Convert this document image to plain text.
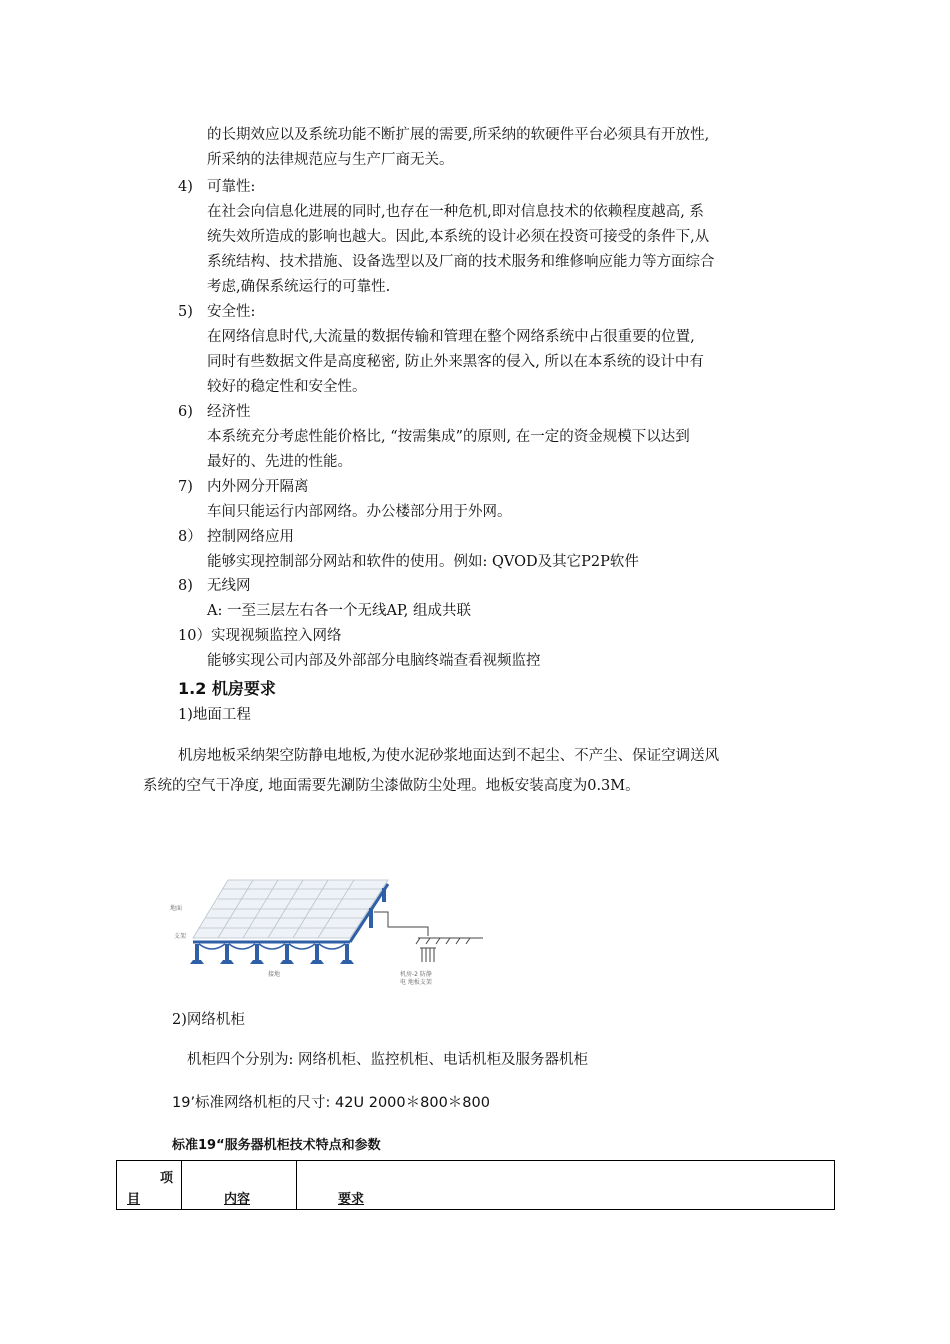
的长期效应以及系统功能不断扩展的需要,所采纳的软硬件平台必须具有开放性,
所采纳的法律规范应与生产厂商无关。
4) 可靠性:
在社会向信息化进展的同时,也存在一种危机,即对信息技术的依赖程度越高, 系
统失效所造成的影响也越大。因此,本系统的设计必须在投资可接受的条件下,从
系统结构、技术措施、设备选型以及厂商的技术服务和维修响应能力等方面综合
考虑,确保系统运行的可靠性.
5) 安全性:
在网络信息时代,大流量的数据传输和管理在整个网络系统中占很重要的位置,
同时有些数据文件是高度秘密, 防止外来黑客的侵入, 所以在本系统的设计中有
较好的稳定性和安全性。
6) 经济性
本系统充分考虑性能价格比, “按需集成”的原则, 在一定的资金规模下以达到
最好的、先进的性能。
7) 内外网分开隔离
车间只能运行内部网络。办公楼部分用于外网。
8） 控制网络应用
能够实现控制部分网站和软件的使用。例如: QVOD及其它P2P软件
8) 无线网
A: 一至三层左右各一个无线AP, 组成共联
10） 实现视频监控入网络
能够实现公司内部及外部部分电脑终端查看视频监控
1.2 机房要求
1)地面工程
机房地板采纳架空防静电地板,为使水泥砂浆地面达到不起尘、不产尘、保证空调送风
系统的空气干净度, 地面需要先涮防尘漆做防尘处理。地板安装高度为0.3M。
地面
支架
接地	机房-2 防静
电 地板支架
2)网络机柜
机柜四个分别为: 网络机柜、监控机柜、电话机柜及服务器机柜
19’标准网络机柜的尺寸: 42U 2000＊800＊800
标准19“服务器机柜技术特点和参数
项
目	内容	要求
